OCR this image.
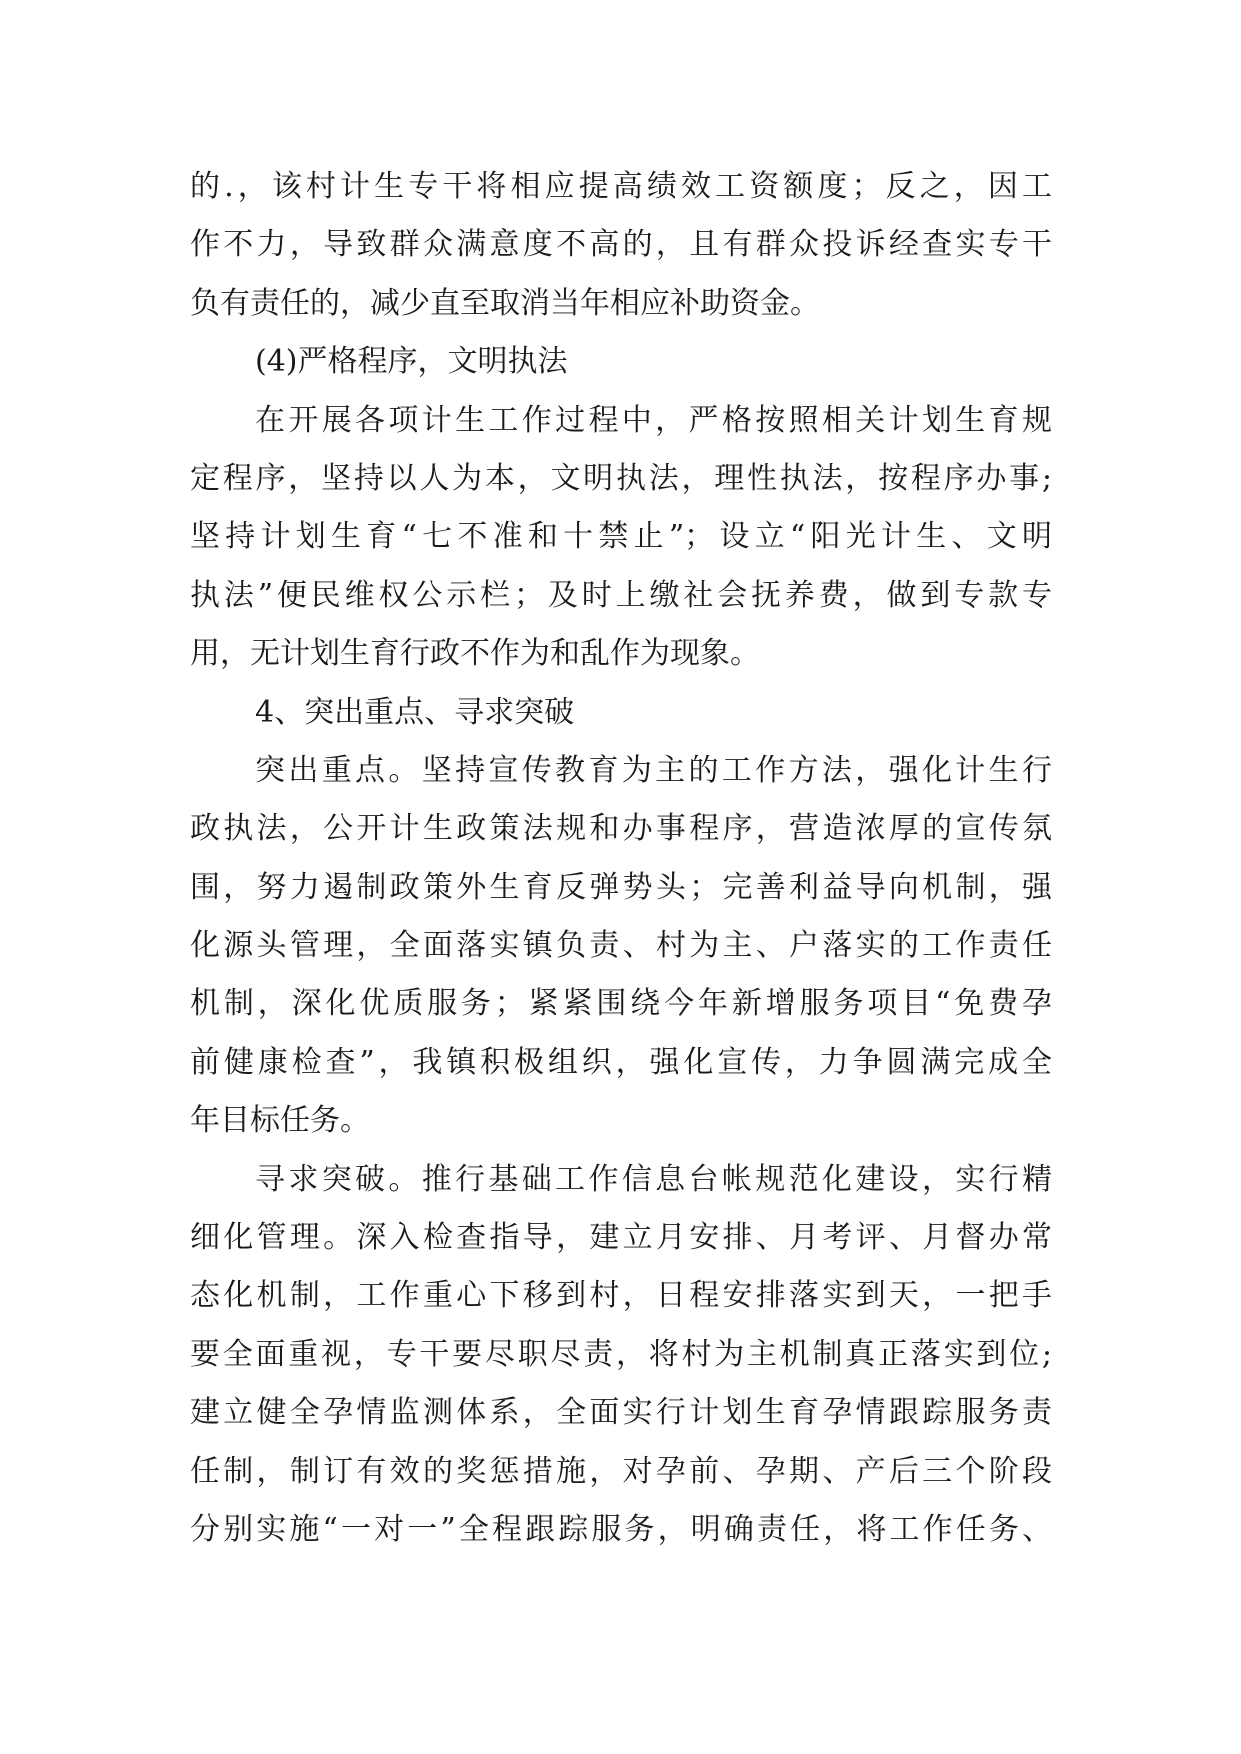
的.，该村计生专干将相应提高绩效工资额度；反之，因工
作不力，导致群众满意度不高的，且有群众投诉经查实专干
负有责任的，减少直至取消当年相应补助资金。
(4)严格程序，文明执法
在开展各项计生工作过程中，严格按照相关计划生育规
定程序，坚持以人为本，文明执法，理性执法，按程序办事;
坚持计划生育“七不准和十禁止”；设立“阳光计生、文明
执法”便民维权公示栏；及时上缴社会抚养费，做到专款专
用，无计划生育行政不作为和乱作为现象。
4、突出重点、寻求突破
突出重点。坚持宣传教育为主的工作方法，强化计生行
政执法，公开计生政策法规和办事程序，营造浓厚的宣传氛
围，努力遏制政策外生育反弹势头；完善利益导向机制，强
化源头管理，全面落实镇负责、村为主、户落实的工作责任
机制，深化优质服务；紧紧围绕今年新增服务项目“免费孕
前健康检查”，我镇积极组织，强化宣传，力争圆满完成全
年目标任务。
寻求突破。推行基础工作信息台帐规范化建设，实行精
细化管理。深入检查指导，建立月安排、月考评、月督办常
态化机制，工作重心下移到村，日程安排落实到天，一把手
要全面重视，专干要尽职尽责，将村为主机制真正落实到位;
建立健全孕情监测体系，全面实行计划生育孕情跟踪服务责
任制，制订有效的奖惩措施，对孕前、孕期、产后三个阶段
分别实施“一对一”全程跟踪服务，明确责任，将工作任务、
